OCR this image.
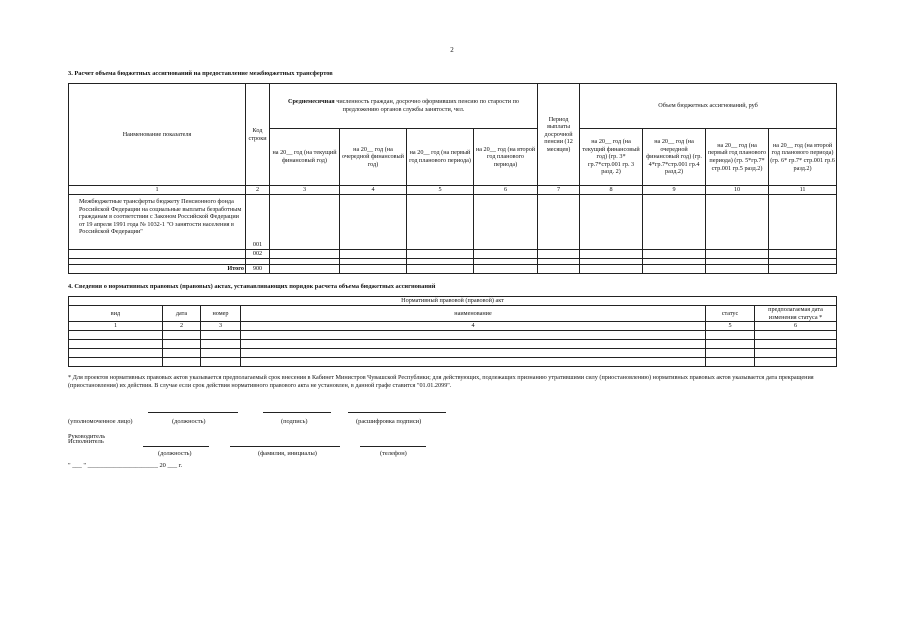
2
3. Расчет объема бюджетных ассигнований на предоставление межбюджетных трансфертов
Наименование показателя	Код строки	Среднемесячная численность граждан, досрочно оформивших пенсию по старости по предложению органов службы занятости, чел.				Период выплаты досрочной пенсии (12 месяцев)	Объем бюджетных ассигнований, руб			
		на 20__ год (на текущий финансовый год)	на 20__ год (на очередной финансовый год)	на 20__ год (на первый год планового периода)	на 20__ год (на второй год планового периода)		на 20__ год (на текущий финансовый год) (гр. 3* гр.7*стр.001 гр. 3 разд. 2)	на 20__ год (на очередной финансовый год) (гр. 4*гр.7*стр.001 гр.4 разд.2)	на 20__ год (на первый год планового периода) (гр. 5*гр.7* стр.001 гр.5 разд.2)	на 20__ год (на второй год планового периода) (гр. 6* гр.7* стр.001 гр.6 разд.2)
1	2	3	4	5	6	7	8	9	10	11
Межбюджетные трансферты бюджету Пенсионного фонда Российской Федерации на социальные выплаты безработным гражданам в соответствии с Законом Российской Федерации от 19 апреля 1991 года № 1032-1 "О занятости населения в Российской Федерации"	001									
	002									

Итого	900									
4. Сведения о нормативных правовых (правовых) актах, устанавливающих порядок расчета объема бюджетных ассигнований
Нормативный правовой (правовой) акт					
вид	дата	номер	наименование	статус	предполагаемая дата изменения статуса *
1	2	3	4	5	6

* Для проектов нормативных правовых актов указывается предполагаемый срок внесения в Кабинет Министров Чувашской Республики; для действующих, подлежащих признанию утратившими силу (приостановлению) нормативных правовых актов указывается дата прекращения (приостановления) их действия. В случае если срок действия нормативного правового акта не установлен, в данной графе ставится "01.01.2099".
Руководитель
(уполномоченное лицо)	(должность)	(подпись)	(расшифровка подписи)
Исполнитель
(должность)	(фамилия, инициалы)	(телефон)
" ___ " ______________________ 20 ___ г.
